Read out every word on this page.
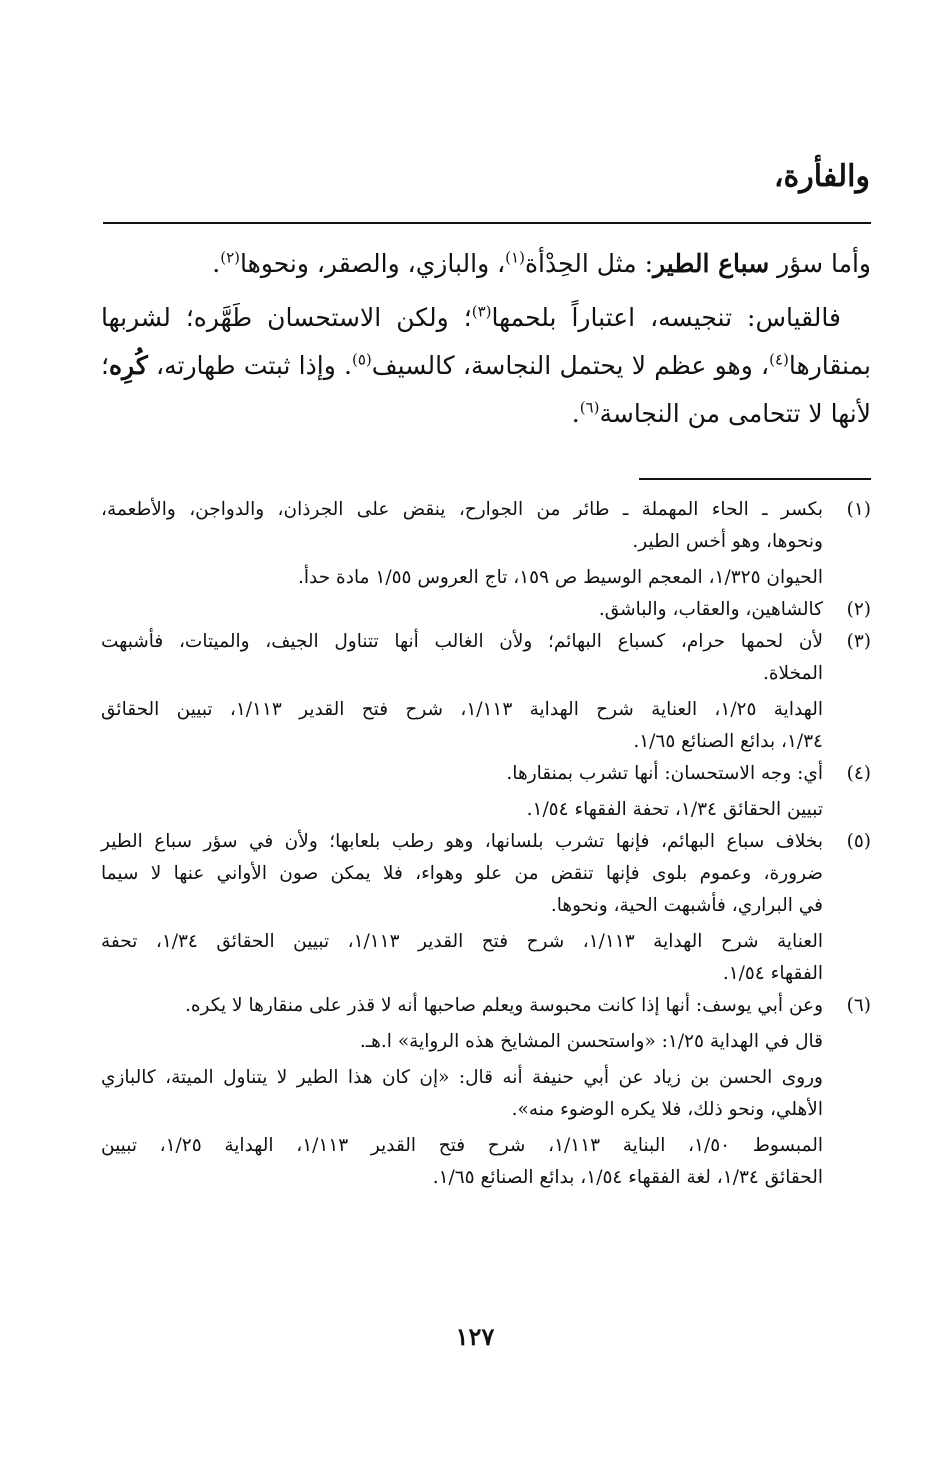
والفأرة،

وأما سؤر سباع الطير: مثل الحِدْأة$^{(١)}$، والبازي، والصقر، ونحوها$^{(٢)}$.

فالقياس: تنجيسه، اعتباراً بلحمها$^{(٣)}$؛ ولكن الاستحسان طَهَّره؛ لشربها بمنقارها$^{(٤)}$، وهو عظم لا يحتمل النجاسة، كالسيف$^{(٥)}$. وإذا ثبتت طهارته، كُرِه؛ لأنها لا تتحامى من النجاسة$^{(٦)}$.

(١)
بكسر ـ الحاء المهملة ـ طائر من الجوارح، ينقض على الجرذان، والدواجن، والأطعمة،
ونحوها، وهو أخس الطير.
الحيوان ١/٣٢٥، المعجم الوسيط ص ١٥٩، تاج العروس ١/٥٥ مادة حدأ.
(٢)
كالشاهين، والعقاب، والباشق.
(٣)
لأن لحمها حرام، كسباع البهائم؛ ولأن الغالب أنها تتناول الجيف، والميتات، فأشبهت
المخلاة.
الهداية ١/٢٥، العناية شرح الهداية ١/١١٣، شرح فتح القدير ١/١١٣، تبيين الحقائق
١/٣٤، بدائع الصنائع ١/٦٥.
(٤)
أي: وجه الاستحسان: أنها تشرب بمنقارها.
تبيين الحقائق ١/٣٤، تحفة الفقهاء ١/٥٤.
(٥)
بخلاف سباع البهائم، فإنها تشرب بلسانها، وهو رطب بلعابها؛ ولأن في سؤر سباع الطير
ضرورة، وعموم بلوى فإنها تنقض من علو وهواء، فلا يمكن صون الأواني عنها لا سيما
في البراري، فأشبهت الحية، ونحوها.
العناية شرح الهداية ١/١١٣، شرح فتح القدير ١/١١٣، تبيين الحقائق ١/٣٤، تحفة
الفقهاء ١/٥٤.
(٦)
وعن أبي يوسف: أنها إذا كانت محبوسة ويعلم صاحبها أنه لا قذر على منقارها لا يكره.
قال في الهداية ١/٢٥: «واستحسن المشايخ هذه الرواية» ا.هـ.
وروى الحسن بن زياد عن أبي حنيفة أنه قال: «إن كان هذا الطير لا يتناول الميتة، كالبازي
الأهلي، ونحو ذلك، فلا يكره الوضوء منه».
المبسوط ١/٥٠، البناية ١/١١٣، شرح فتح القدير ١/١١٣، الهداية ١/٢٥، تبيين
الحقائق ١/٣٤، لغة الفقهاء ١/٥٤، بدائع الصنائع ١/٦٥.
١٢٧
